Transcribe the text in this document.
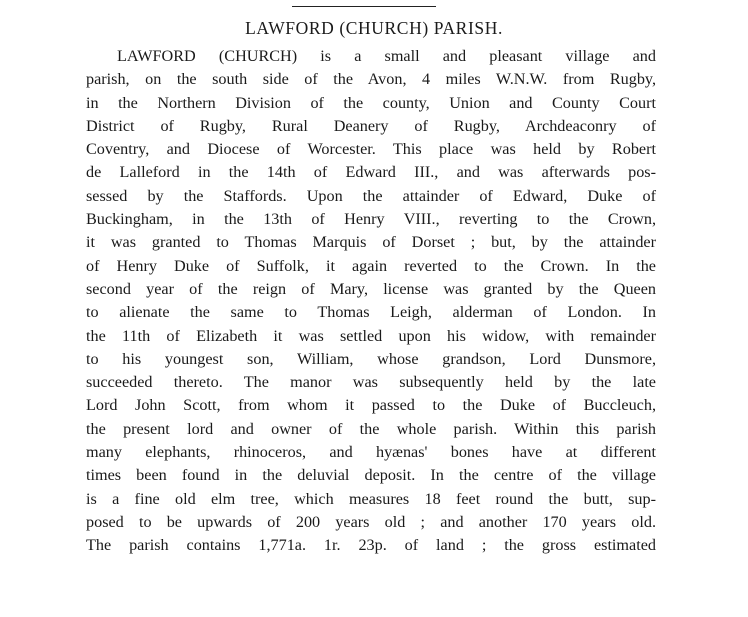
LAWFORD (CHURCH) PARISH.
LAWFORD (CHURCH) is a small and pleasant village and
parish, on the south side of the Avon, 4 miles W.N.W. from Rugby,
in the Northern Division of the county, Union and County Court
District of Rugby, Rural Deanery of Rugby, Archdeaconry of
Coventry, and Diocese of Worcester. This place was held by Robert
de Lalleford in the 14th of Edward III., and was afterwards pos-
sessed by the Staffords. Upon the attainder of Edward, Duke of
Buckingham, in the 13th of Henry VIII., reverting to the Crown,
it was granted to Thomas Marquis of Dorset ; but, by the attainder
of Henry Duke of Suffolk, it again reverted to the Crown. In the
second year of the reign of Mary, license was granted by the Queen
to alienate the same to Thomas Leigh, alderman of London. In
the 11th of Elizabeth it was settled upon his widow, with remainder
to his youngest son, William, whose grandson, Lord Dunsmore,
succeeded thereto. The manor was subsequently held by the late
Lord John Scott, from whom it passed to the Duke of Buccleuch,
the present lord and owner of the whole parish. Within this parish
many elephants, rhinoceros, and hyænas' bones have at different
times been found in the deluvial deposit. In the centre of the village
is a fine old elm tree, which measures 18 feet round the butt, sup-
posed to be upwards of 200 years old ; and another 170 years old.
The parish contains 1,771a. 1r. 23p. of land ; the gross estimated
